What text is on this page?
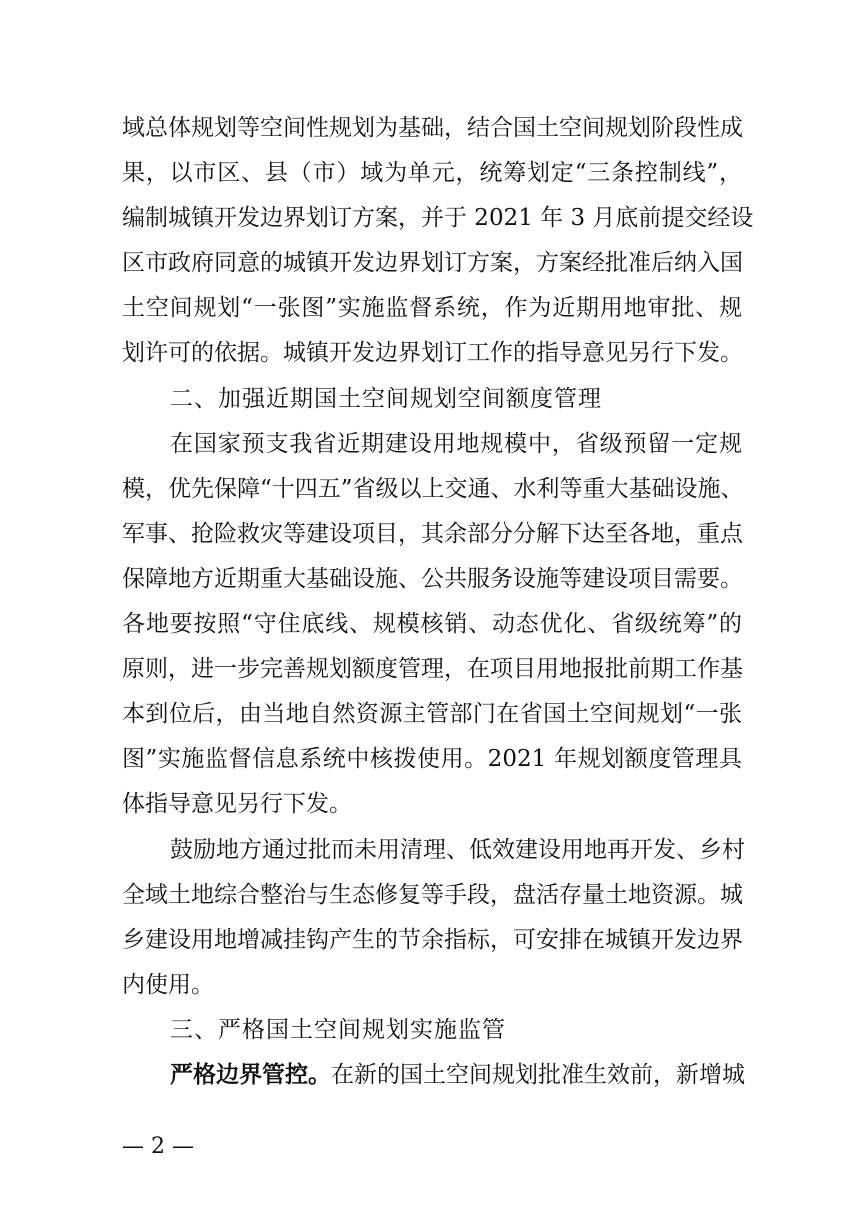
域总体规划等空间性规划为基础，结合国土空间规划阶段性成
果，以市区、县（市）域为单元，统筹划定“三条控制线”，
编制城镇开发边界划订方案，并于 2021 年 3 月底前提交经设
区市政府同意的城镇开发边界划订方案，方案经批准后纳入国
土空间规划“一张图”实施监督系统，作为近期用地审批、规
划许可的依据。城镇开发边界划订工作的指导意见另行下发。
二、加强近期国土空间规划空间额度管理
在国家预支我省近期建设用地规模中，省级预留一定规
模，优先保障“十四五”省级以上交通、水利等重大基础设施、
军事、抢险救灾等建设项目，其余部分分解下达至各地，重点
保障地方近期重大基础设施、公共服务设施等建设项目需要。
各地要按照“守住底线、规模核销、动态优化、省级统筹”的
原则，进一步完善规划额度管理，在项目用地报批前期工作基
本到位后，由当地自然资源主管部门在省国土空间规划“一张
图”实施监督信息系统中核拨使用。2021 年规划额度管理具
体指导意见另行下发。
鼓励地方通过批而未用清理、低效建设用地再开发、乡村
全域土地综合整治与生态修复等手段，盘活存量土地资源。城
乡建设用地增减挂钩产生的节余指标，可安排在城镇开发边界
内使用。
三、严格国土空间规划实施监管
严格边界管控。在新的国土空间规划批准生效前，新增城
— 2 —
